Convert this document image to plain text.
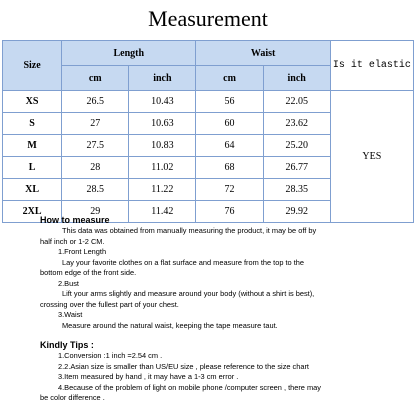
Measurement
Size	Length		Waist		Is it elastic
	cm	inch	cm	inch	
XS	26.5	10.43	56	22.05	YES
S	27	10.63	60	23.62	
M	27.5	10.83	64	25.20	
L	28	11.02	68	26.77	
XL	28.5	11.22	72	28.35	
2XL	29	11.42	76	29.92	
How to measure
This data was obtained from manually measuring the product, it may be off by
half inch or 1-2 CM.
1.Front Length
Lay your favorite clothes on a flat surface and measure from the top to the
bottom edge of the front side.
2.Bust
Lift your arms slightly and measure around your body (without a shirt is best),
crossing over the fullest part of your chest.
3.Waist
Measure around the natural waist, keeping the tape measure taut.
Kindly Tips :
1.Conversion :1 inch =2.54 cm .
2.2.Asian size is smaller than US/EU size , please reference to the size chart
3.Item measured by hand , it may have a 1-3 cm error .
4.Because of the problem of light on mobile phone /computer screen , there may
be color difference .
